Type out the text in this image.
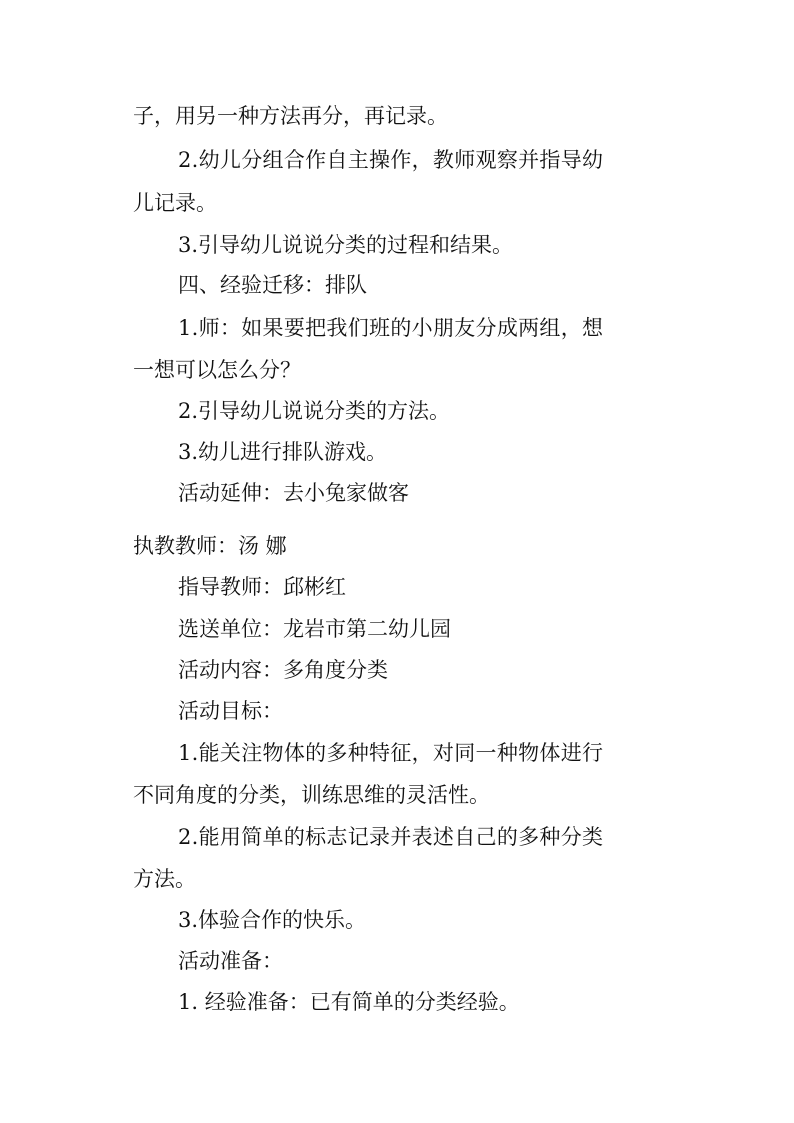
子，用另一种方法再分，再记录。
2.幼儿分组合作自主操作，教师观察并指导幼
儿记录。
3.引导幼儿说说分类的过程和结果。
四、经验迁移：排队
1.师：如果要把我们班的小朋友分成两组，想
一想可以怎么分？
2.引导幼儿说说分类的方法。
3.幼儿进行排队游戏。
活动延伸：去小兔家做客
执教教师：汤 娜
指导教师：邱彬红
选送单位：龙岩市第二幼儿园
活动内容：多角度分类
活动目标：
1.能关注物体的多种特征，对同一种物体进行
不同角度的分类，训练思维的灵活性。
2.能用简单的标志记录并表述自己的多种分类
方法。
3.体验合作的快乐。
活动准备：
1. 经验准备：已有简单的分类经验。
